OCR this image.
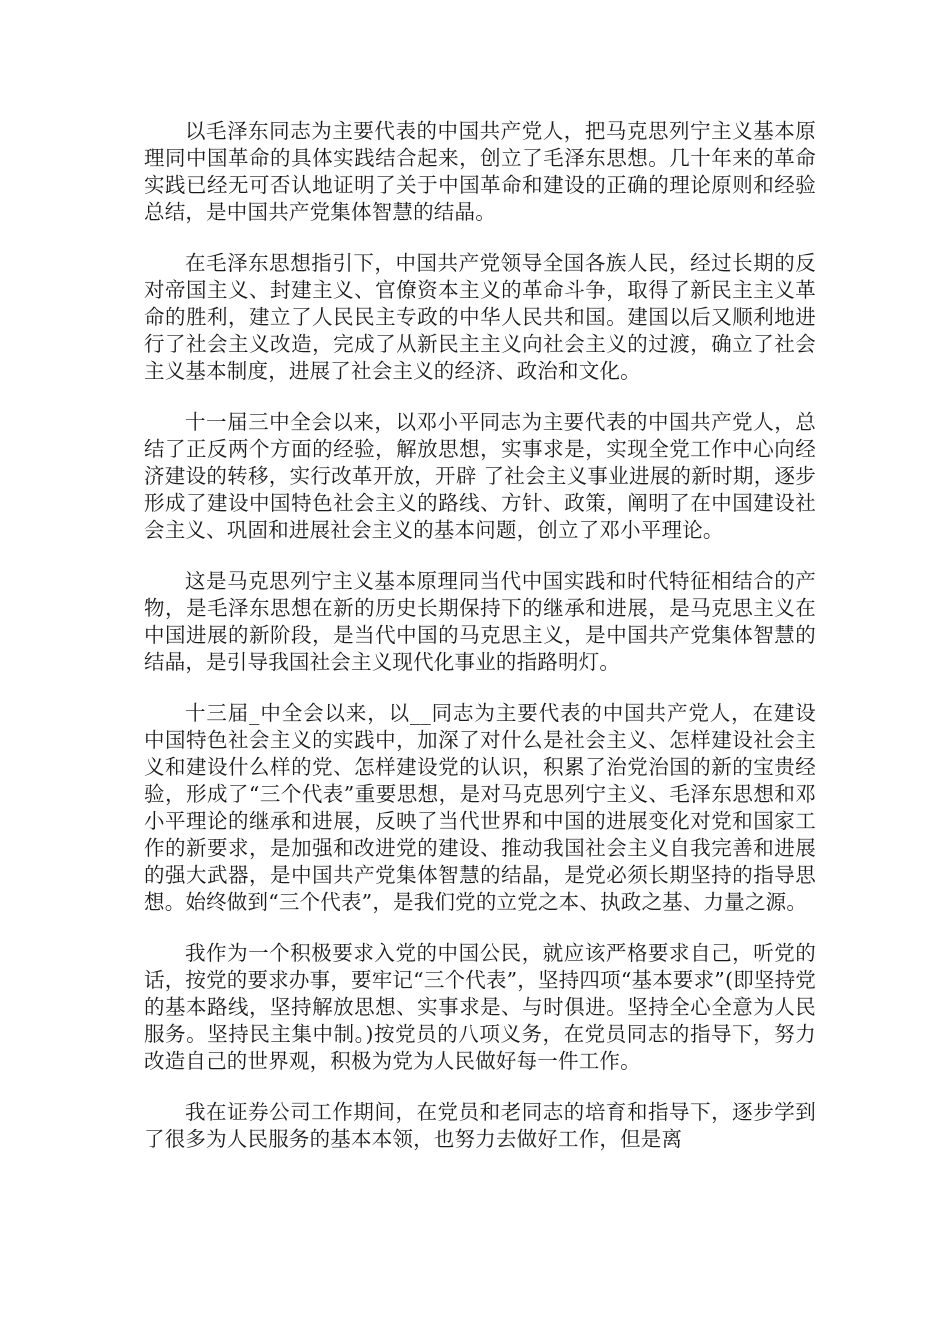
以毛泽东同志为主要代表的中国共产党人，把马克思列宁主义基本原理同中国革命的具体实践结合起来，创立了毛泽东思想。几十年来的革命实践已经无可否认地证明了关于中国革命和建设的正确的理论原则和经验总结，是中国共产党集体智慧的结晶。

在毛泽东思想指引下，中国共产党领导全国各族人民，经过长期的反对帝国主义、封建主义、官僚资本主义的革命斗争，取得了新民主主义革命的胜利，建立了人民民主专政的中华人民共和国。建国以后又顺利地进行了社会主义改造，完成了从新民主主义向社会主义的过渡，确立了社会主义基本制度，进展了社会主义的经济、政治和文化。

十一届三中全会以来，以邓小平同志为主要代表的中国共产党人，总结了正反两个方面的经验，解放思想，实事求是，实现全党工作中心向经济建设的转移，实行改革开放，开辟 了社会主义事业进展的新时期，逐步形成了建设中国特色社会主义的路线、方针、政策，阐明了在中国建设社会主义、巩固和进展社会主义的基本问题，创立了邓小平理论。

这是马克思列宁主义基本原理同当代中国实践和时代特征相结合的产物，是毛泽东思想在新的历史长期保持下的继承和进展，是马克思主义在中国进展的新阶段，是当代中国的马克思主义，是中国共产党集体智慧的结晶，是引导我国社会主义现代化事业的指路明灯。

十三届_中全会以来，以__同志为主要代表的中国共产党人，在建设中国特色社会主义的实践中，加深了对什么是社会主义、怎样建设社会主义和建设什么样的党、怎样建设党的认识，积累了治党治国的新的宝贵经验，形成了“三个代表”重要思想，是对马克思列宁主义、毛泽东思想和邓小平理论的继承和进展，反映了当代世界和中国的进展变化对党和国家工作的新要求，是加强和改进党的建设、推动我国社会主义自我完善和进展的强大武器，是中国共产党集体智慧的结晶，是党必须长期坚持的指导思想。始终做到“三个代表”，是我们党的立党之本、执政之基、力量之源。

我作为一个积极要求入党的中国公民，就应该严格要求自己，听党的话，按党的要求办事，要牢记“三个代表”，坚持四项“基本要求”(即坚持党的基本路线，坚持解放思想、实事求是、与时俱进。坚持全心全意为人民服务。坚持民主集中制。)按党员的八项义务，在党员同志的指导下，努力改造自己的世界观，积极为党为人民做好每一件工作。

我在证券公司工作期间，在党员和老同志的培育和指导下，逐步学到了很多为人民服务的基本本领，也努力去做好工作，但是离
